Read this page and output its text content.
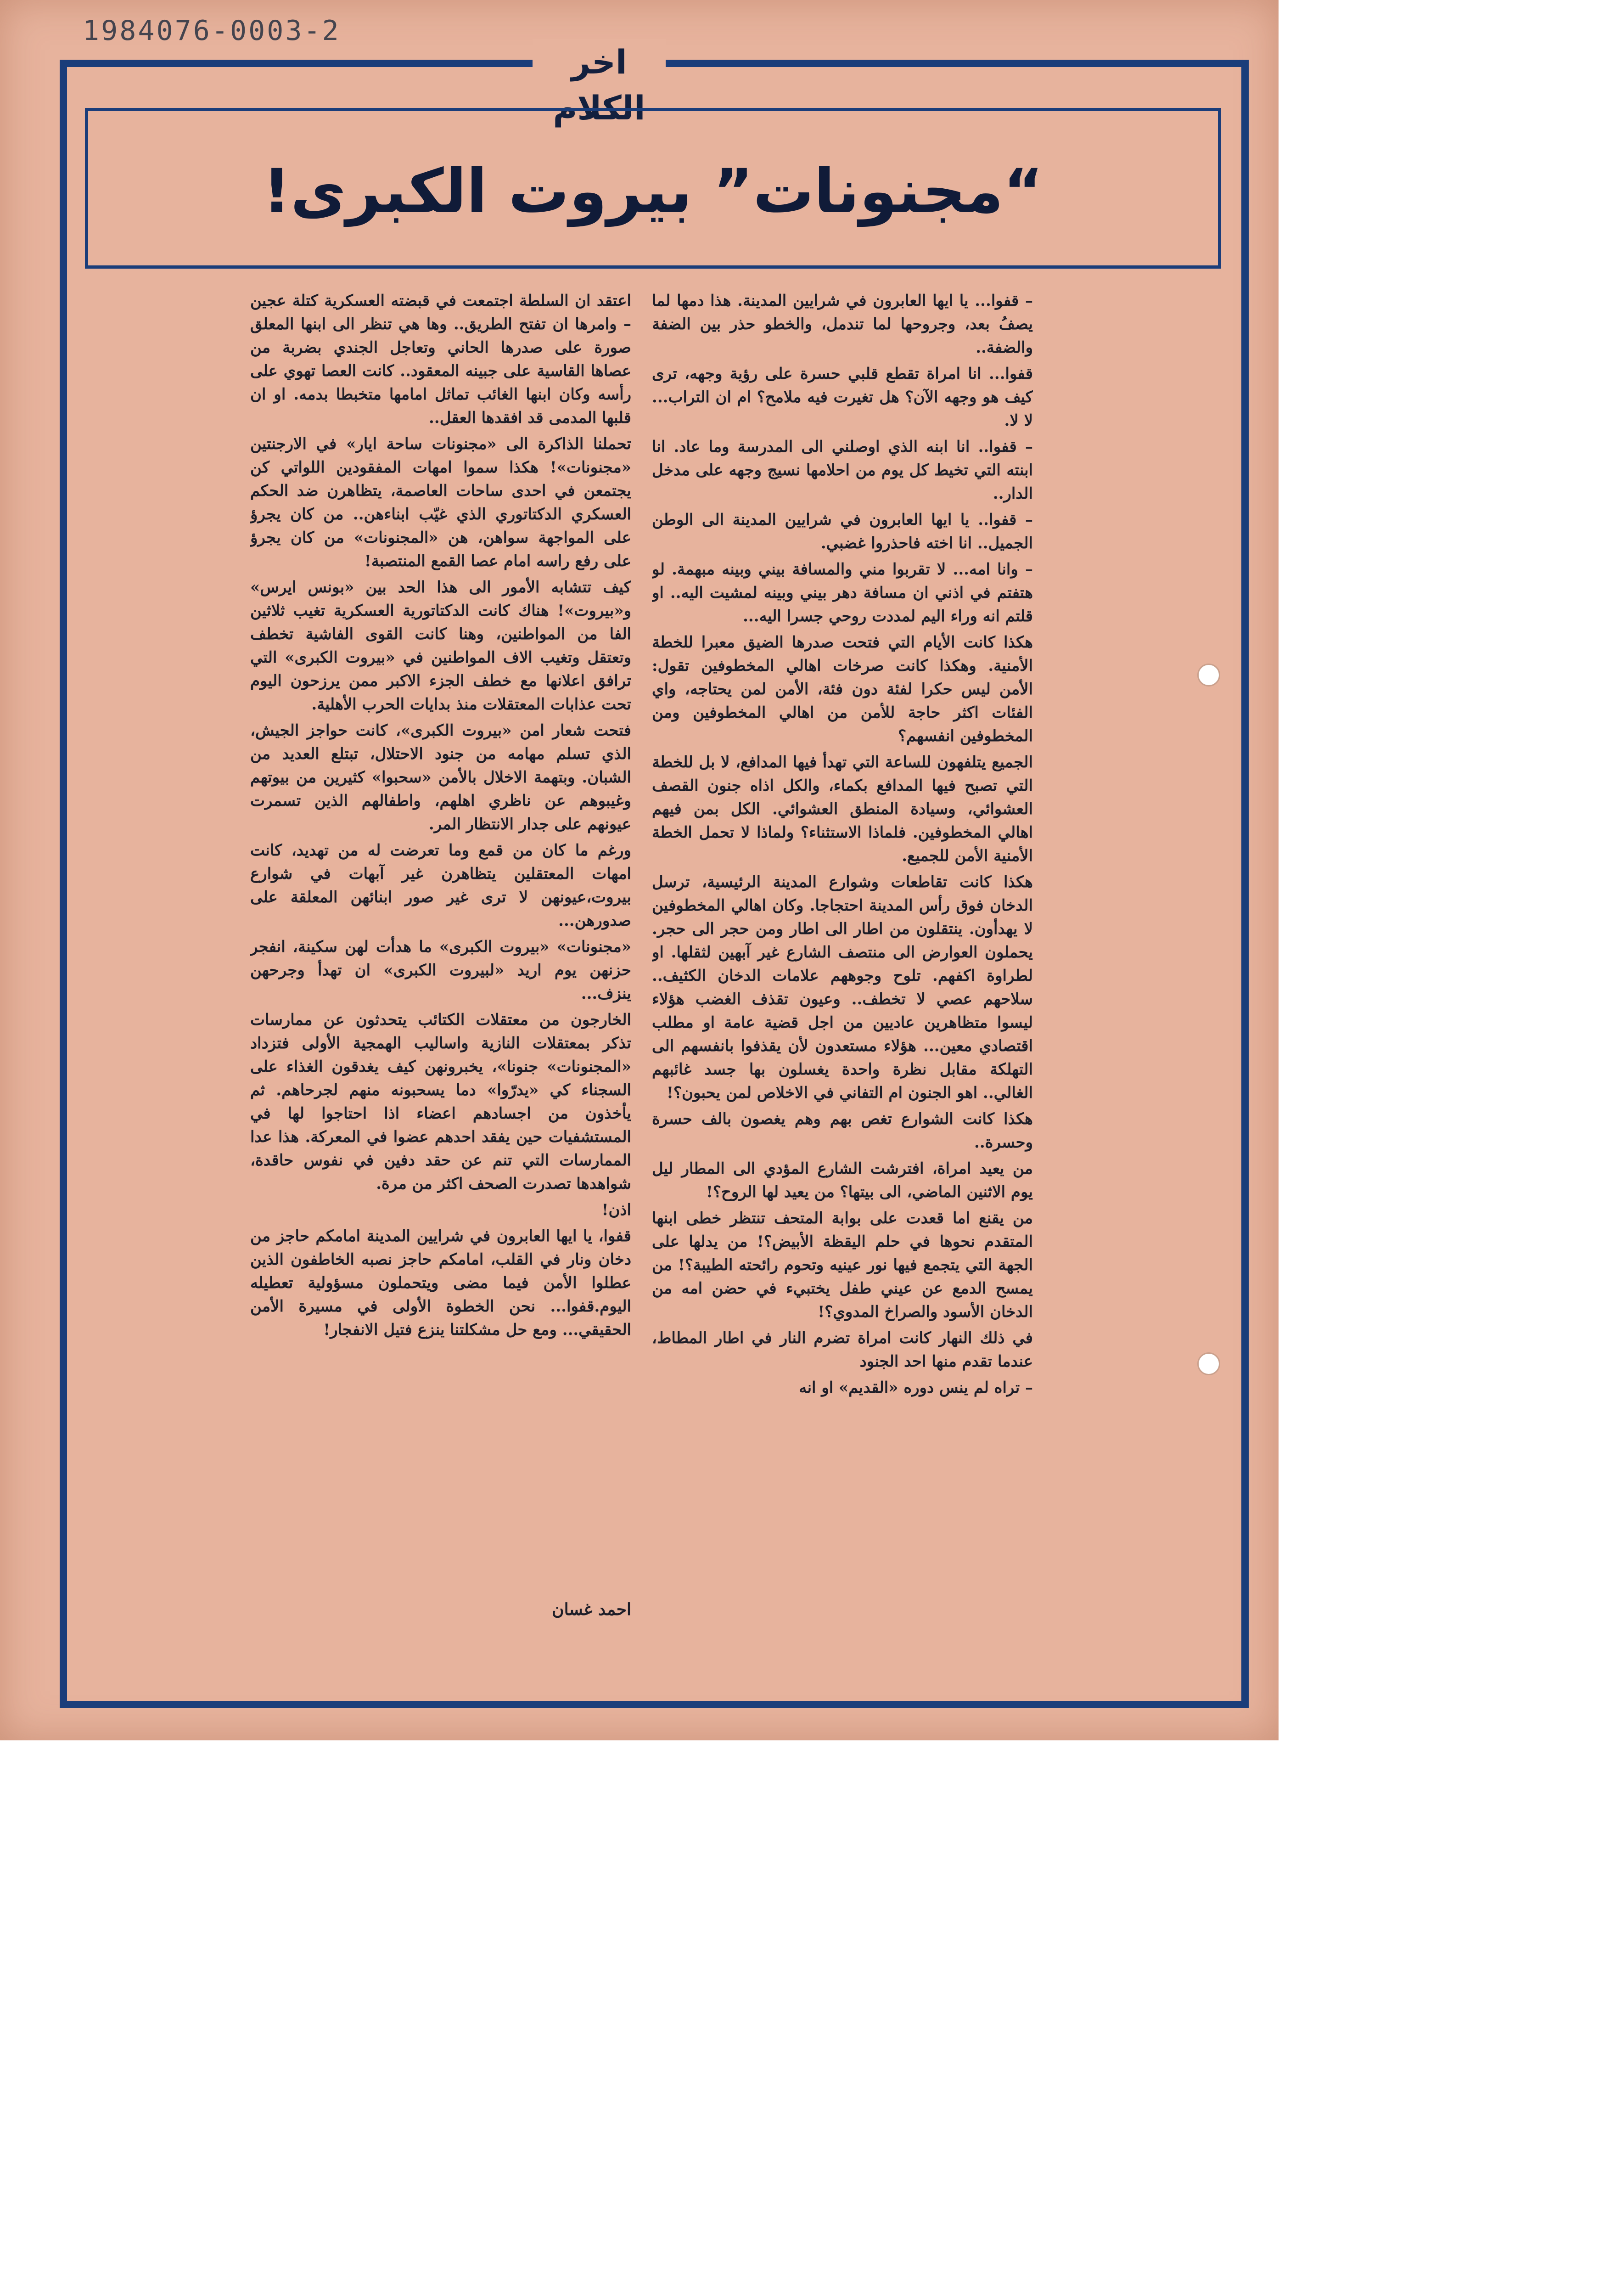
1984076-0003-2
اخر الكلام
“مجنونات” بيروت الكبرى!

– قفوا... يا ايها العابرون في شرايين المدينة. هذا دمها لما يصفُ بعد، وجروحها لما تندمل، والخطو حذر بين الضفة والضفة..

قفوا... انا امراة تقطع قلبي حسرة على رؤية وجهه، ترى كيف هو وجهه الآن؟ هل تغيرت فيه ملامح؟ ام ان التراب... لا لا.

– قفوا.. انا ابنه الذي اوصلني الى المدرسة وما عاد. انا ابنته التي تخيط كل يوم من احلامها نسيج وجهه على مدخل الدار..

– قفوا.. يا ايها العابرون في شرايين المدينة الى الوطن الجميل.. انا اخته فاحذروا غضبي.

– وانا امه... لا تقربوا مني والمسافة بيني وبينه مبهمة. لو هتفتم في اذني ان مسافة دهر بيني وبينه لمشيت اليه.. او قلتم انه وراء اليم لمددت روحي جسرا اليه...

هكذا كانت الأيام التي فتحت صدرها الضيق معبرا للخطة الأمنية. وهكذا كانت صرخات اهالي المخطوفين تقول: الأمن ليس حكرا لفئة دون فئة، الأمن لمن يحتاجه، واي الفئات اكثر حاجة للأمن من اهالي المخطوفين ومن المخطوفين انفسهم؟

الجميع يتلفهون للساعة التي تهدأ فيها المدافع، لا بل للخطة التي تصبح فيها المدافع بكماء، والكل اذاه جنون القصف العشوائي، وسيادة المنطق العشوائي. الكل بمن فيهم اهالي المخطوفين. فلماذا الاستثناء؟ ولماذا لا تحمل الخطة الأمنية الأمن للجميع.

هكذا كانت تقاطعات وشوارع المدينة الرئيسية، ترسل الدخان فوق رأس المدينة احتجاجا. وكان اهالي المخطوفين لا يهدأون. ينتقلون من اطار الى اطار ومن حجر الى حجر. يحملون العوارض الى منتصف الشارع غير آبهين لثقلها. او لطراوة اكفهم. تلوح وجوههم علامات الدخان الكثيف.. سلاحهم عصي لا تخطف.. وعيون تقذف الغضب هؤلاء ليسوا متظاهرين عاديين من اجل قضية عامة او مطلب اقتصادي معين... هؤلاء مستعدون لأن يقذفوا بانفسهم الى التهلكة مقابل نظرة واحدة يغسلون بها جسد غائبهم الغالي.. اهو الجنون ام التفاني في الاخلاص لمن يحبون؟!

هكذا كانت الشوارع تغص بهم وهم يغصون بالف حسرة وحسرة..

من يعيد امراة، افترشت الشارع المؤدي الى المطار ليل يوم الاثنين الماضي، الى بيتها؟ من يعيد لها الروح؟!

من يقنع اما قعدت على بوابة المتحف تنتظر خطى ابنها المتقدم نحوها في حلم اليقظة الأبيض؟! من يدلها على الجهة التي يتجمع فيها نور عينيه وتحوم رائحته الطيبة؟! من يمسح الدمع عن عيني طفل يختبيء في حضن امه من الدخان الأسود والصراخ المدوي؟!

في ذلك النهار كانت امراة تضرم النار في اطار المطاط، عندما تقدم منها احد الجنود

– تراه لم ينس دوره «القديم» او انه

اعتقد ان السلطة اجتمعت في قبضته العسكرية كتلة عجين – وامرها ان تفتح الطريق.. وها هي تنظر الى ابنها المعلق صورة على صدرها الحاني وتعاجل الجندي بضربة من عصاها القاسية على جبينه المعقود.. كانت العصا تهوي على رأسه وكان ابنها الغائب تماثل امامها متخبطا بدمه. او ان قلبها المدمى قد افقدها العقل..

تحملنا الذاكرة الى «مجنونات ساحة ايار» في الارجنتين «مجنونات»! هكذا سموا امهات المفقودين اللواتي كن يجتمعن في احدى ساحات العاصمة، يتظاهرن ضد الحكم العسكري الدكتاتوري الذي غيّب ابناءهن.. من كان يجرؤ على المواجهة سواهن، هن «المجنونات» من كان يجرؤ على رفع راسه امام عصا القمع المنتصبة!

كيف تتشابه الأمور الى هذا الحد بين «بونس ايرس» و«بيروت»! هناك كانت الدكتاتورية العسكرية تغيب ثلاثين الفا من المواطنين، وهنا كانت القوى الفاشية تخطف وتعتقل وتغيب الاف المواطنين في «بيروت الكبرى» التي ترافق اعلانها مع خطف الجزء الاكبر ممن يرزحون اليوم تحت عذابات المعتقلات منذ بدايات الحرب الأهلية.

فتحت شعار امن «بيروت الكبرى»، كانت حواجز الجيش، الذي تسلم مهامه من جنود الاحتلال، تبتلع العديد من الشبان. وبتهمة الاخلال بالأمن «سحبوا» كثيرين من بيوتهم وغيبوهم عن ناظري اهلهم، واطفالهم الذين تسمرت عيونهم على جدار الانتظار المر.

ورغم ما كان من قمع وما تعرضت له من تهديد، كانت امهات المعتقلين يتظاهرن غير آبهات في شوارع بيروت،عيونهن لا ترى غير صور ابنائهن المعلقة على صدورهن...

«مجنونات» «بيروت الكبرى» ما هدأت لهن سكينة، انفجر حزنهن يوم اريد «لبيروت الكبرى» ان تهدأ وجرحهن ينزف...

الخارجون من معتقلات الكتائب يتحدثون عن ممارسات تذكر بمعتقلات النازية واساليب الهمجية الأولى فتزداد «المجنونات» جنونا»، يخبرونهن كيف يغدقون الغذاء على السجناء كي «يدرّوا» دما يسحبونه منهم لجرحاهم. ثم يأخذون من اجسادهم اعضاء اذا احتاجوا لها في المستشفيات حين يفقد احدهم عضوا في المعركة. هذا عدا الممارسات التي تنم عن حقد دفين في نفوس حاقدة، شواهدها تصدرت الصحف اكثر من مرة.

اذن!

قفوا، يا ايها العابرون في شرايين المدينة امامكم حاجز من دخان ونار في القلب، امامكم حاجز نصبه الخاطفون الذين عطلوا الأمن فيما مضى ويتحملون مسؤولية تعطيله اليوم.قفوا... نحن الخطوة الأولى في مسيرة الأمن الحقيقي... ومع حل مشكلتنا ينزع فتيل الانفجار!

احمد غسان
